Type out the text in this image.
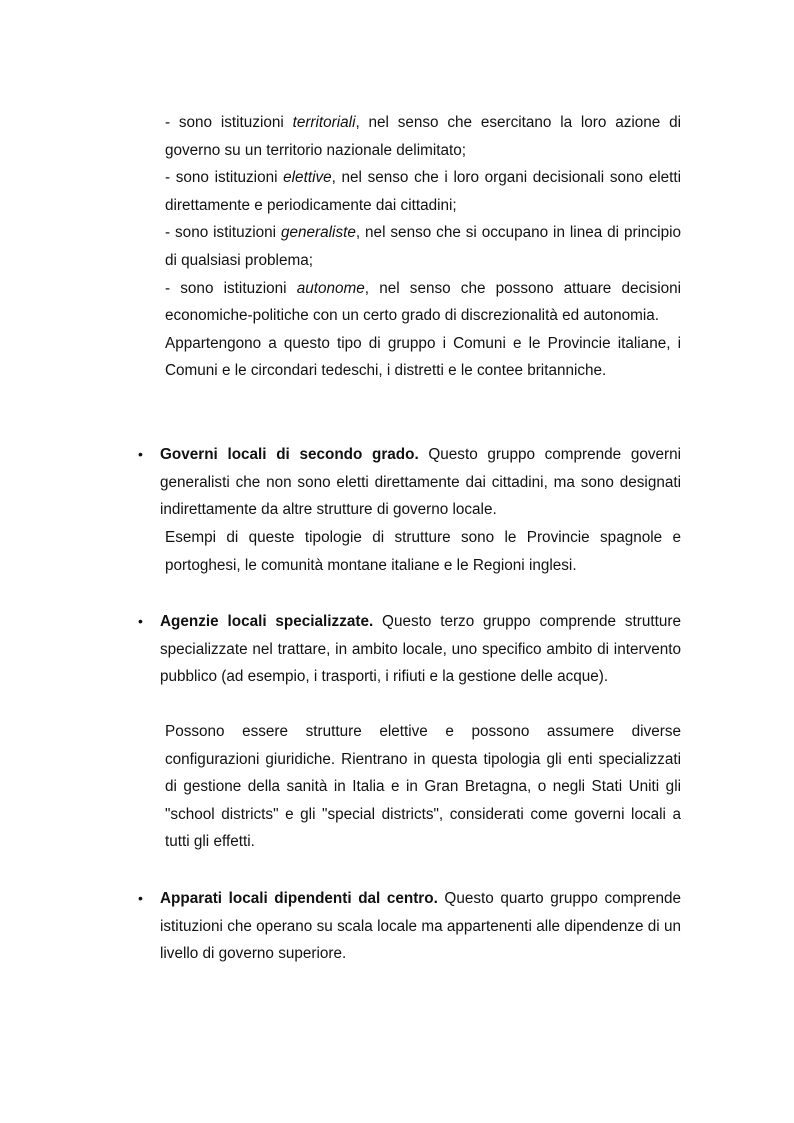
- sono istituzioni territoriali, nel senso che esercitano la loro azione di governo su un territorio nazionale delimitato;

- sono istituzioni elettive, nel senso che i loro organi decisionali sono eletti direttamente e periodicamente dai cittadini;

- sono istituzioni generaliste, nel senso che si occupano in linea di principio di qualsiasi problema;

- sono istituzioni autonome, nel senso che possono attuare decisioni economiche-politiche con un certo grado di discrezionalità ed autonomia.

Appartengono a questo tipo di gruppo i Comuni e le Provincie italiane, i Comuni e le circondari tedeschi, i distretti e le contee britanniche.

• Governi locali di secondo grado. Questo gruppo comprende governi generalisti che non sono eletti direttamente dai cittadini, ma sono designati indirettamente da altre strutture di governo locale.

Esempi di queste tipologie di strutture sono le Provincie spagnole e portoghesi, le comunità montane italiane e le Regioni inglesi.

• Agenzie locali specializzate. Questo terzo gruppo comprende strutture specializzate nel trattare, in ambito locale, uno specifico ambito di intervento pubblico (ad esempio, i trasporti, i rifiuti e la gestione delle acque).

Possono essere strutture elettive e possono assumere diverse configurazioni giuridiche. Rientrano in questa tipologia gli enti specializzati di gestione della sanità in Italia e in Gran Bretagna, o negli Stati Uniti gli "school districts" e gli "special districts", considerati come governi locali a tutti gli effetti.

• Apparati locali dipendenti dal centro. Questo quarto gruppo comprende istituzioni che operano su scala locale ma appartenenti alle dipendenze di un livello di governo superiore.
